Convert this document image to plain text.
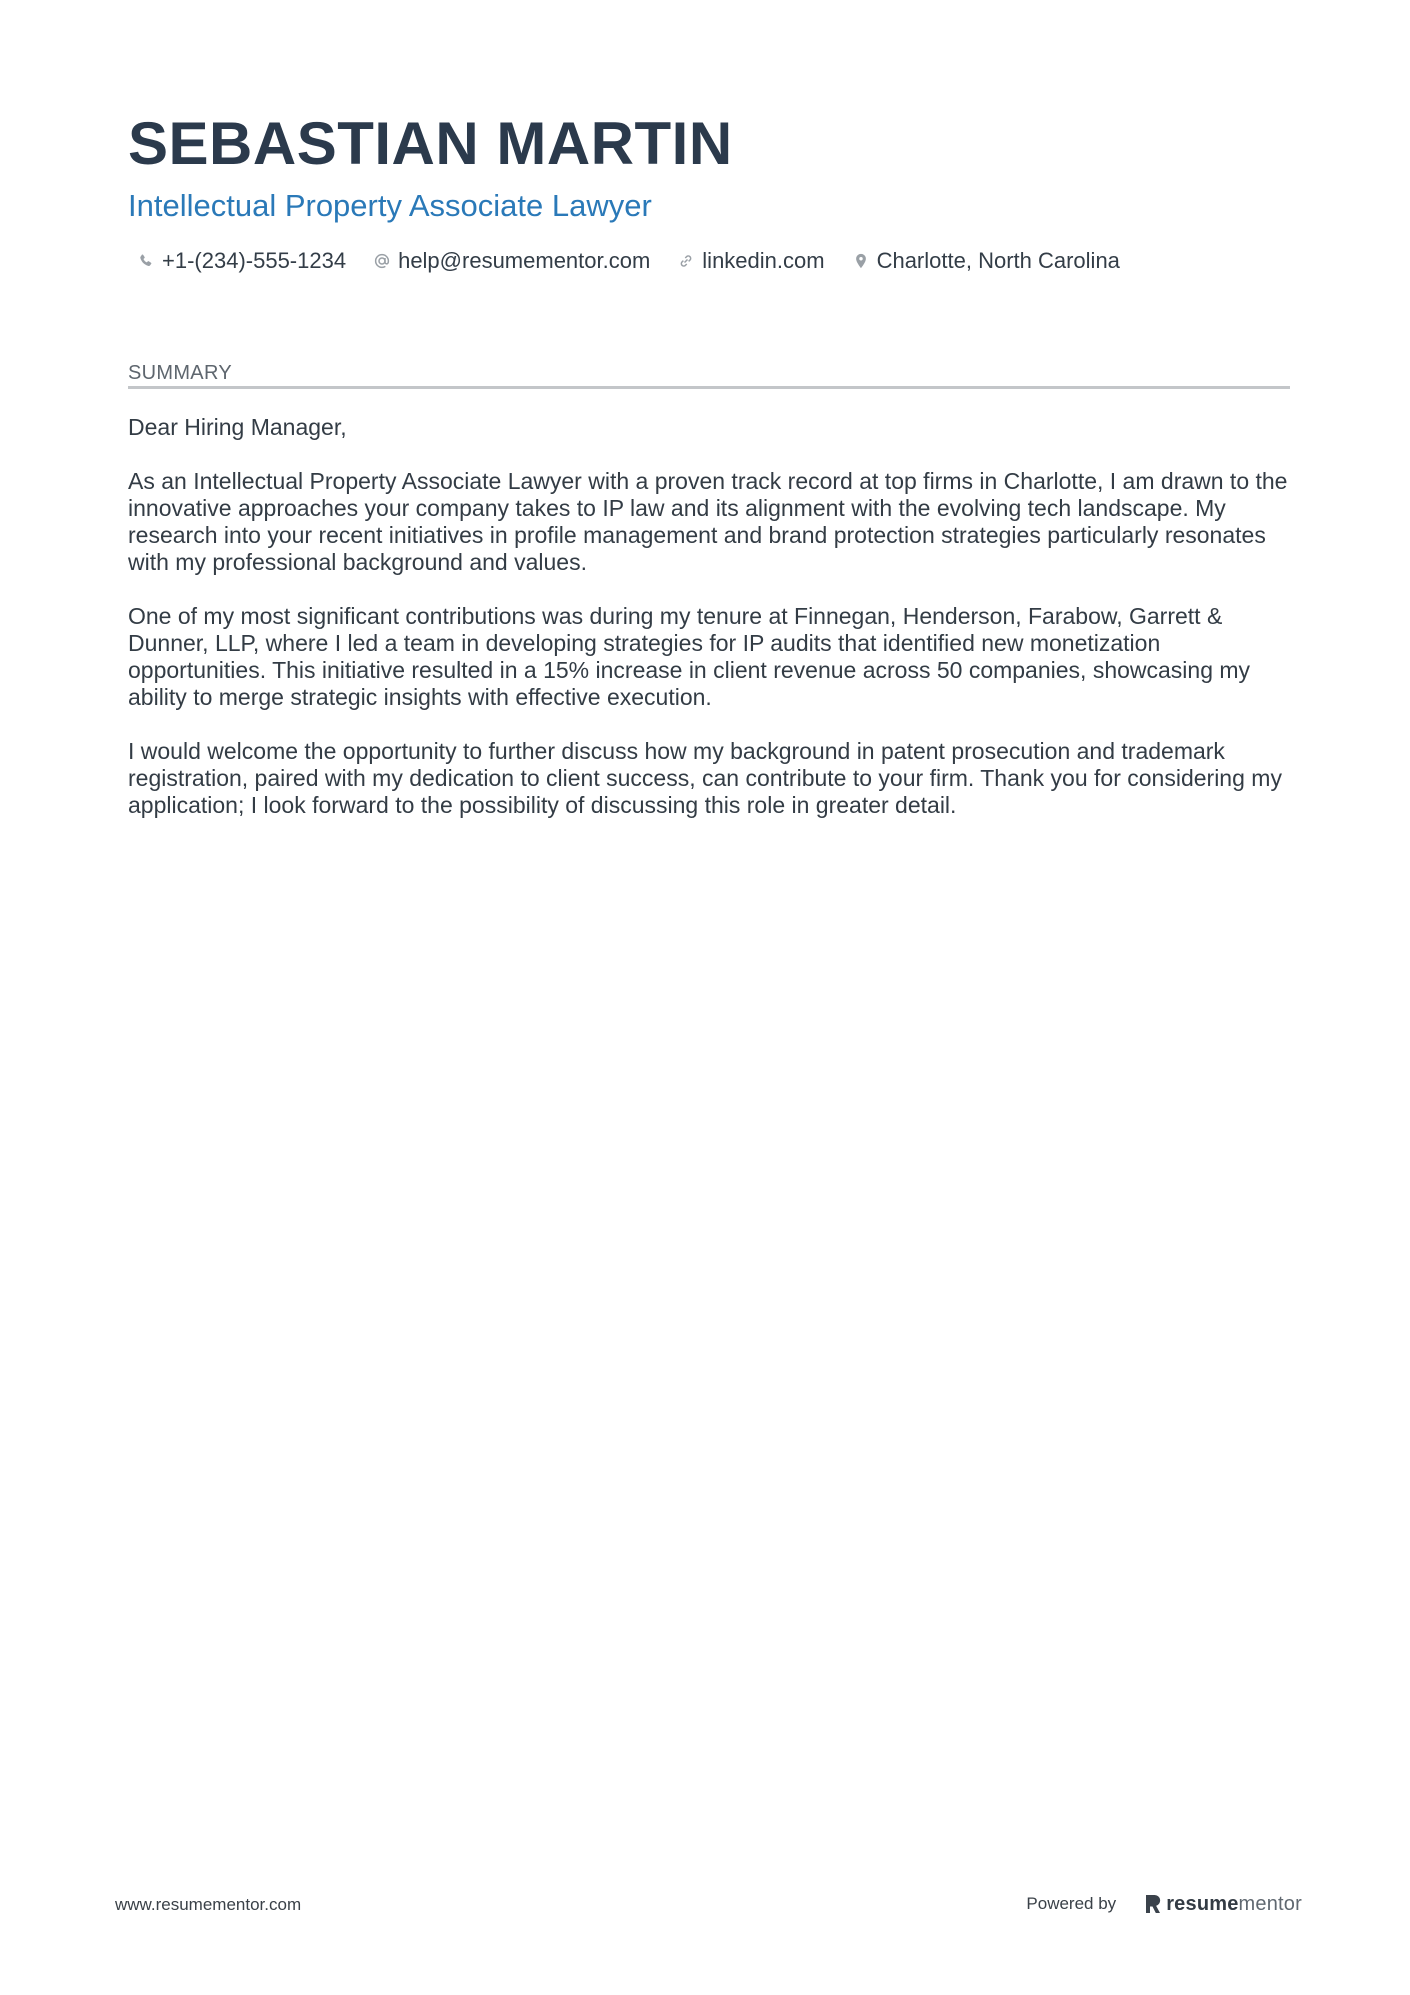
SEBASTIAN MARTIN
Intellectual Property Associate Lawyer
+1-(234)-555-1234 help@resumementor.com linkedin.com Charlotte, North Carolina
SUMMARY

Dear Hiring Manager,

As an Intellectual Property Associate Lawyer with a proven track record at top firms in Charlotte, I am drawn to the innovative approaches your company takes to IP law and its alignment with the evolving tech landscape. My research into your recent initiatives in profile management and brand protection strategies particularly resonates with my professional background and values.

One of my most significant contributions was during my tenure at Finnegan, Henderson, Farabow, Garrett & Dunner, LLP, where I led a team in developing strategies for IP audits that identified new monetization opportunities. This initiative resulted in a 15% increase in client revenue across 50 companies, showcasing my ability to merge strategic insights with effective execution.

I would welcome the opportunity to further discuss how my background in patent prosecution and trademark registration, paired with my dedication to client success, can contribute to your firm. Thank you for considering my application; I look forward to the possibility of discussing this role in greater detail.

www.resumementor.com	Powered by	resumementor
